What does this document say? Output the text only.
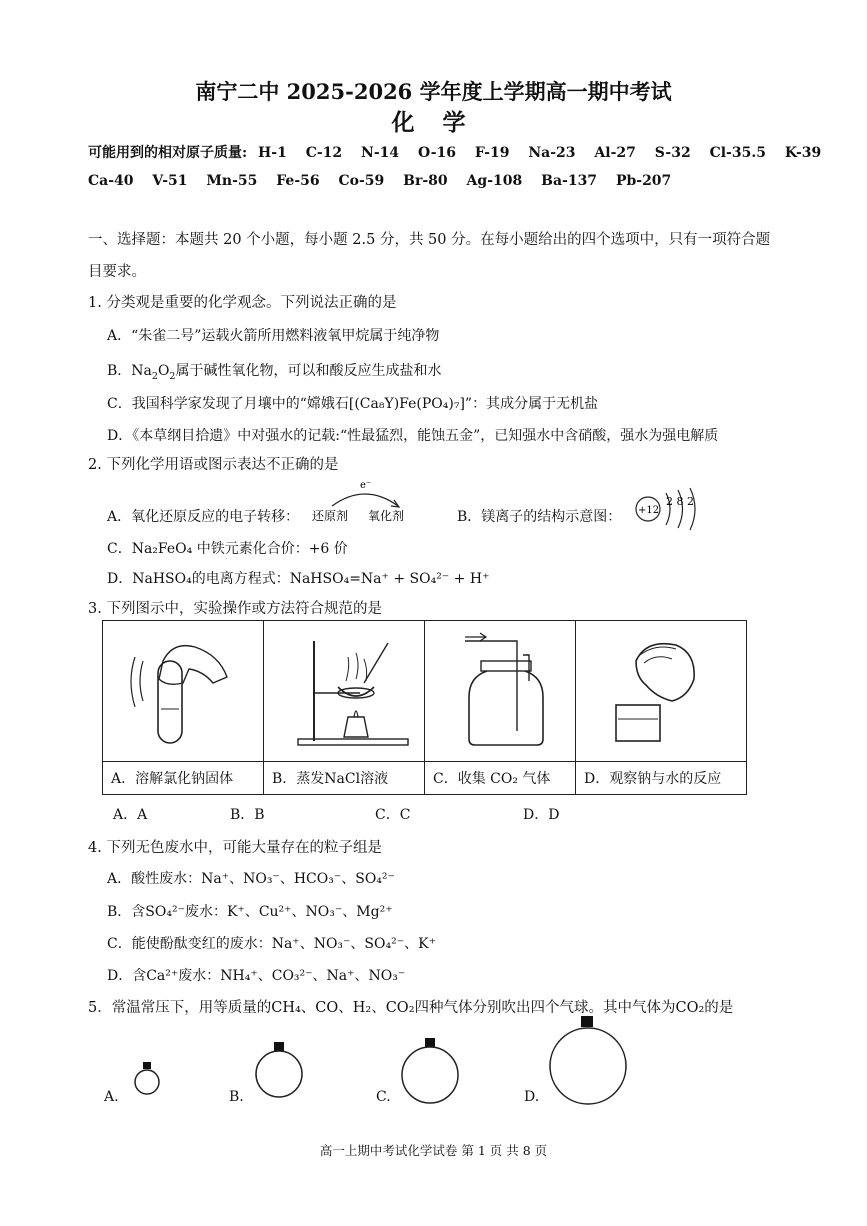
南宁二中 2025-2026 学年度上学期高一期中考试
化 学
可能用到的相对原子质量: H-1 C-12 N-14 O-16 F-19 Na-23 Al-27 S-32 Cl-35.5 K-39
Ca-40 V-51 Mn-55 Fe-56 Co-59 Br-80 Ag-108 Ba-137 Pb-207
一、选择题：本题共 20 个小题，每小题 2.5 分，共 50 分。在每小题给出的四个选项中，只有一项符合题
目要求。
1. 分类观是重要的化学观念。下列说法正确的是
A．“朱雀二号”运载火箭所用燃料液氧甲烷属于纯净物
B．$Na_2O_2$属于碱性氧化物，可以和酸反应生成盐和水
C．我国科学家发现了月壤中的“嫦娥石[(Ca₈Y)Fe(PO₄)₇]”：其成分属于无机盐
D．《本草纲目拾遗》中对强水的记载:“性最猛烈，能蚀五金”，已知强水中含硝酸，强水为强电解质
2. 下列化学用语或图示表达不正确的是
A．氧化还原反应的电子转移：
e⁻
还原剂 氧化剂	B．镁离子的结构示意图： +12
2 8 2
C．Na₂FeO₄ 中铁元素化合价：+6 价
D．NaHSO₄的电离方程式：NaHSO₄=Na⁺ + SO₄²⁻ + H⁺
3. 下列图示中，实验操作或方法符合规范的是

A．溶解氯化钠固体	B．蒸发NaCl溶液	C．收集 CO₂ 气体	D．观察钠与水的反应
A．A	B．B	C．C	D．D
4. 下列无色废水中，可能大量存在的粒子组是
A．酸性废水：Na⁺、NO₃⁻、HCO₃⁻、SO₄²⁻
B．含SO₄²⁻废水：K⁺、Cu²⁺、NO₃⁻、Mg²⁺
C．能使酚酞变红的废水：Na⁺、NO₃⁻、SO₄²⁻、K⁺
D．含Ca²⁺废水：NH₄⁺、CO₃²⁻、Na⁺、NO₃⁻
5．常温常压下，用等质量的CH₄、CO、H₂、CO₂四种气体分别吹出四个气球。其中气体为CO₂的是
A.	B.	C.	D.
高一上期中考试化学试卷 第 1 页 共 8 页
